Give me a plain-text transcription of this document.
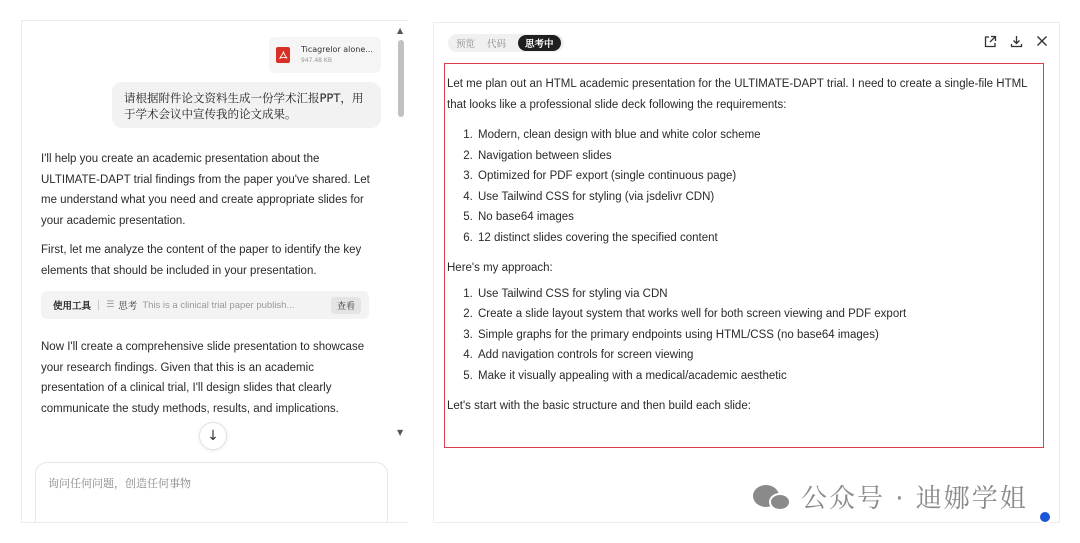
Ticagrelor alone...
947.48 KB
请根据附件论文资料生成一份学术汇报PPT，用于学术会议中宣传我的论文成果。
I'll help you create an academic presentation about the ULTIMATE-DAPT trial findings from the paper you've shared. Let me understand what you need and create appropriate slides for your academic presentation.
First, let me analyze the content of the paper to identify the key elements that should be included in your presentation.
使用工具 | ☰ 思考 This is a clinical trial paper publish...	查看
Now I'll create a comprehensive slide presentation to showcase your research findings. Given that this is an academic presentation of a clinical trial, I'll design slides that clearly communicate the study methods, results, and implications.
↓
询问任何问题，创造任何事物
▲
▼
预览 代码	思考中

Let me plan out an HTML academic presentation for the ULTIMATE-DAPT trial. I need to create a single-file HTML that looks like a professional slide deck following the requirements:

1. Modern, clean design with blue and white color scheme
2. Navigation between slides
3. Optimized for PDF export (single continuous page)
4. Use Tailwind CSS for styling (via jsdelivr CDN)
5. No base64 images
6. 12 distinct slides covering the specified content

Here's my approach:

1. Use Tailwind CSS for styling via CDN
2. Create a slide layout system that works well for both screen viewing and PDF export
3. Simple graphs for the primary endpoints using HTML/CSS (no base64 images)
4. Add navigation controls for screen viewing
5. Make it visually appealing with a medical/academic aesthetic

Let's start with the basic structure and then build each slide:

公众号 · 迪娜学姐
